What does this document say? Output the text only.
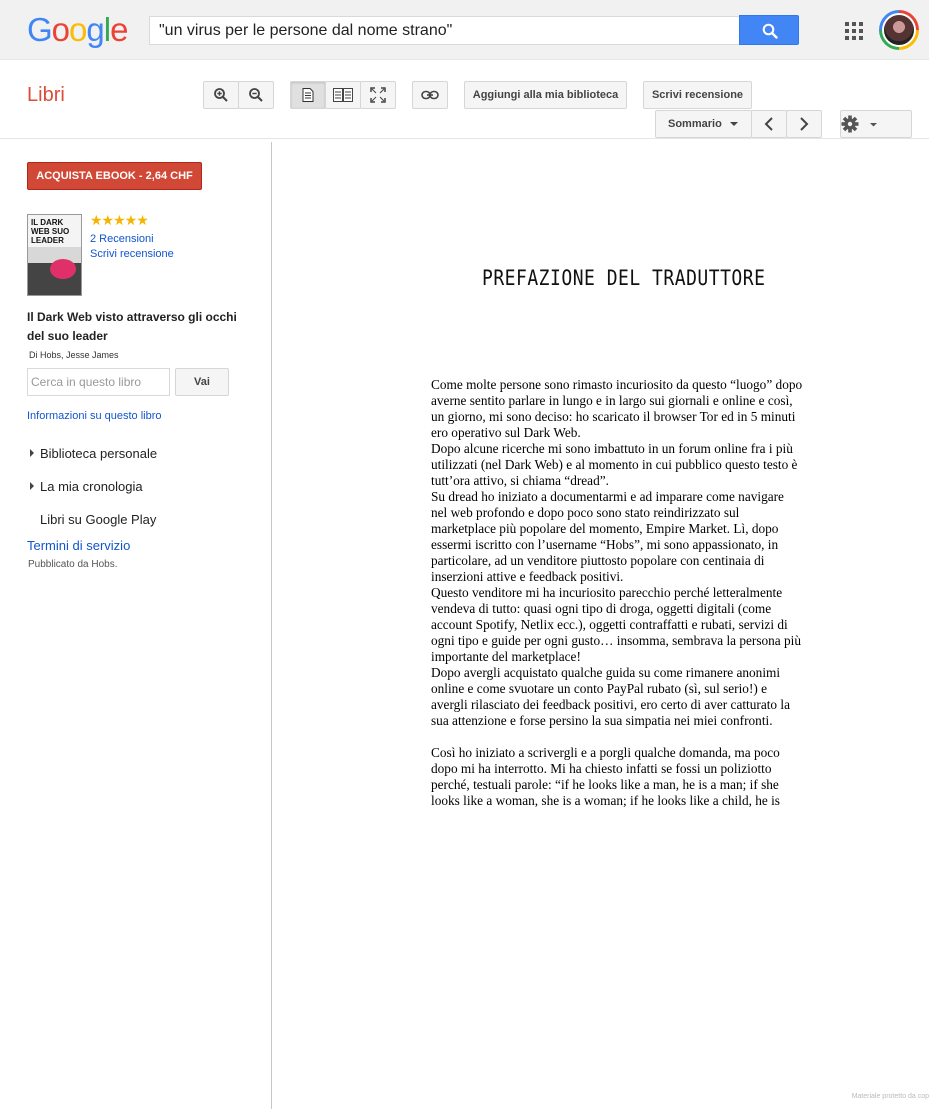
Google	"un virus per le persone dal nome strano"
Libri	Aggiungi alla mia biblioteca	Scrivi recensione
Sommario
ACQUISTA EBOOK - 2,64 CHF
IL DARK WEB SUO LEADER
★★★★★
2 Recensioni
Scrivi recensione
Il Dark Web visto attraverso gli occhi del suo leader
Di Hobs, Jesse James
Cerca in questo libro	Vai
Informazioni su questo libro
Biblioteca personale
La mia cronologia
Libri su Google Play
Termini di servizio
Pubblicato da Hobs.
PREFAZIONE DEL TRADUTTORE

Come molte persone sono rimasto incuriosito da questo “luogo” dopo averne sentito parlare in lungo e in largo sui giornali e online e così, un giorno, mi sono deciso: ho scaricato il browser Tor ed in 5 minuti ero operativo sul Dark Web.

Dopo alcune ricerche mi sono imbattuto in un forum online fra i più utilizzati (nel Dark Web) e al momento in cui pubblico questo testo è tutt’ora attivo, si chiama “dread”.

Su dread ho iniziato a documentarmi e ad imparare come navigare nel web profondo e dopo poco sono stato reindirizzato sul marketplace più popolare del momento, Empire Market. Lì, dopo essermi iscritto con l’username “Hobs”, mi sono appassionato, in particolare, ad un venditore piuttosto popolare con centinaia di inserzioni attive e feedback positivi.

Questo venditore mi ha incuriosito parecchio perché letteralmente vendeva di tutto: quasi ogni tipo di droga, oggetti digitali (come account Spotify, Netlix ecc.), oggetti contraffatti e rubati, servizi di ogni tipo e guide per ogni gusto… insomma, sembrava la persona più importante del marketplace!

Dopo avergli acquistato qualche guida su come rimanere anonimi online e come svuotare un conto PayPal rubato (sì, sul serio!) e avergli rilasciato dei feedback positivi, ero certo di aver catturato la sua attenzione e forse persino la sua simpatia nei miei confronti.

Così ho iniziato a scrivergli e a porgli qualche domanda, ma poco dopo mi ha interrotto. Mi ha chiesto infatti se fossi un poliziotto perché, testuali parole: “if he looks like a man, he is a man; if she looks like a woman, she is a woman; if he looks like a child, he is

Materiale protetto da cop
